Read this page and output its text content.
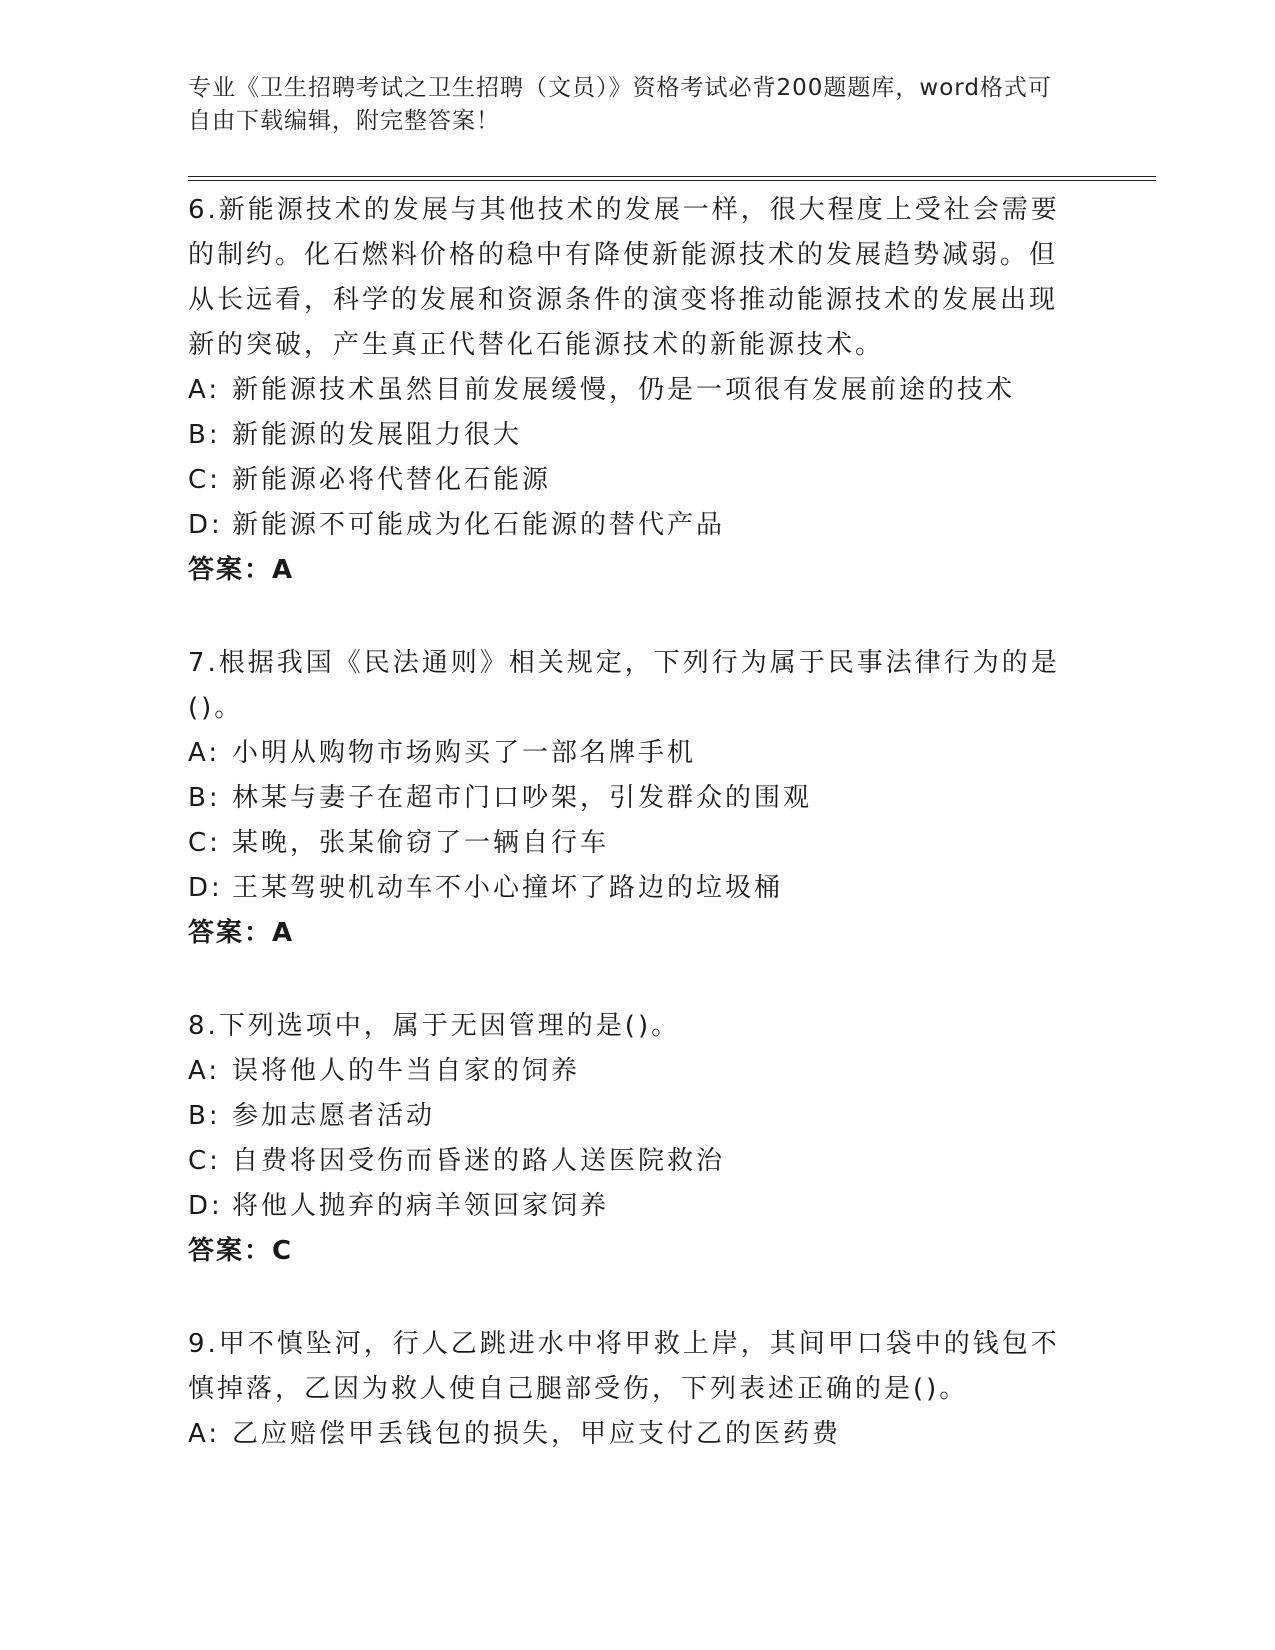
专业《卫生招聘考试之卫生招聘（文员）》资格考试必背200题题库，word格式可自由下载编辑，附完整答案！

6.新能源技术的发展与其他技术的发展一样，很大程度上受社会需要的制约。化石燃料价格的稳中有降使新能源技术的发展趋势减弱。但从长远看，科学的发展和资源条件的演变将推动能源技术的发展出现新的突破，产生真正代替化石能源技术的新能源技术。

A: 新能源技术虽然目前发展缓慢，仍是一项很有发展前途的技术

B: 新能源的发展阻力很大

C: 新能源必将代替化石能源

D: 新能源不可能成为化石能源的替代产品

答案：A

7.根据我国《民法通则》相关规定，下列行为属于民事法律行为的是()。

A: 小明从购物市场购买了一部名牌手机

B: 林某与妻子在超市门口吵架，引发群众的围观

C: 某晚，张某偷窃了一辆自行车

D: 王某驾驶机动车不小心撞坏了路边的垃圾桶

答案：A

8.下列选项中，属于无因管理的是()。

A: 误将他人的牛当自家的饲养

B: 参加志愿者活动

C: 自费将因受伤而昏迷的路人送医院救治

D: 将他人抛弃的病羊领回家饲养

答案：C

9.甲不慎坠河，行人乙跳进水中将甲救上岸，其间甲口袋中的钱包不慎掉落，乙因为救人使自己腿部受伤，下列表述正确的是()。

A: 乙应赔偿甲丢钱包的损失，甲应支付乙的医药费
